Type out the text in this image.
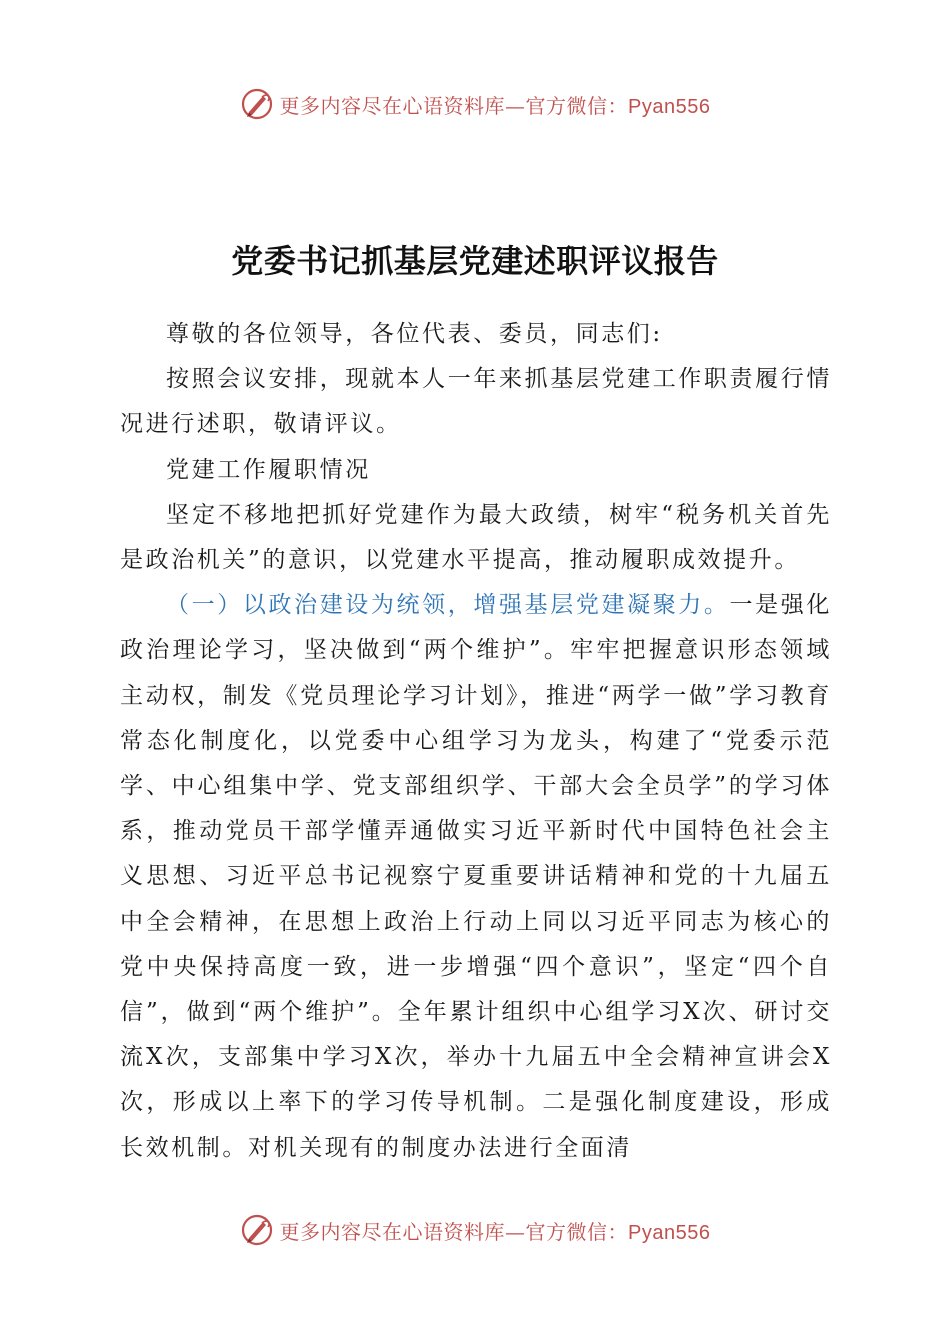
更多内容尽在心语资料库—官方微信：Pyan556
党委书记抓基层党建述职评议报告

尊敬的各位领导，各位代表、委员，同志们:

按照会议安排，现就本人一年来抓基层党建工作职责履行情况进行述职，敬请评议。

党建工作履职情况

坚定不移地把抓好党建作为最大政绩，树牢“税务机关首先是政治机关”的意识，以党建水平提高，推动履职成效提升。

（一）以政治建设为统领，增强基层党建凝聚力。一是强化政治理论学习，坚决做到“两个维护”。牢牢把握意识形态领域主动权，制发《党员理论学习计划》，推进“两学一做”学习教育常态化制度化，以党委中心组学习为龙头，构建了“党委示范学、中心组集中学、党支部组织学、干部大会全员学”的学习体系，推动党员干部学懂弄通做实习近平新时代中国特色社会主义思想、习近平总书记视察宁夏重要讲话精神和党的十九届五中全会精神，在思想上政治上行动上同以习近平同志为核心的党中央保持高度一致，进一步增强“四个意识”，坚定“四个自信”，做到“两个维护”。全年累计组织中心组学习X次、研讨交流X次，支部集中学习X次，举办十九届五中全会精神宣讲会X次，形成以上率下的学习传导机制。二是强化制度建设，形成长效机制。对机关现有的制度办法进行全面清

更多内容尽在心语资料库—官方微信：Pyan556
